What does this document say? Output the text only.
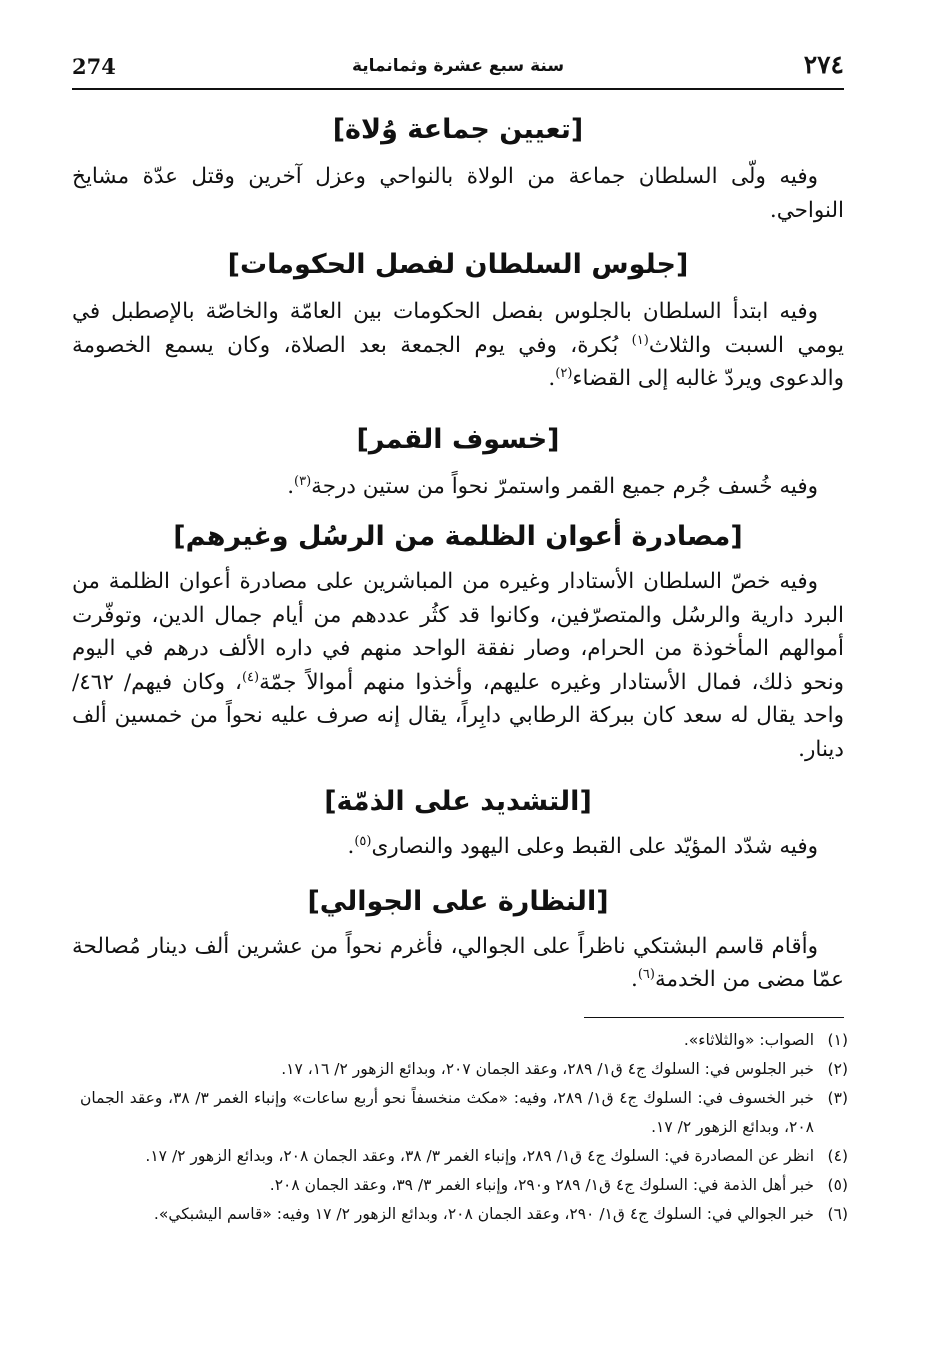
274	سنة سبع عشرة وثمانماية	٢٧٤
[تعيين جماعة وُلاة]

وفيه ولّى السلطان جماعة من الولاة بالنواحي وعزل آخرين وقتل عدّة مشايخ النواحي.

[جلوس السلطان لفصل الحكومات]

وفيه ابتدأ السلطان بالجلوس بفصل الحكومات بين العامّة والخاصّة بالإصطبل في يومي السبت والثلاث$^{(١)}$ بُكرة، وفي يوم الجمعة بعد الصلاة، وكان يسمع الخصومة والدعوى ويردّ غالبه إلى القضاء$^{(٢)}$.

[خسوف القمر]

وفيه خُسف جُرم جميع القمر واستمرّ نحواً من ستين درجة$^{(٣)}$.

[مصادرة أعوان الظلمة من الرسُل وغيرهم]

وفيه خصّ السلطان الأستادار وغيره من المباشرين على مصادرة أعوان الظلمة من البرد دارية والرسُل والمتصرّفين، وكانوا قد كثُر عددهم من أيام جمال الدين، وتوفّرت أموالهم المأخوذة من الحرام، وصار نفقة الواحد منهم في داره الألف درهم في اليوم ونحو ذلك، فمال الأستادار وغيره عليهم، وأخذوا منهم أموالاً جمّة$^{(٤)}$، وكان فيهم/ ٤٦٢/ واحد يقال له سعد كان ببركة الرطابي دابِراً، يقال إنه صرف عليه نحواً من خمسين ألف دينار.

[التشديد على الذمّة]

وفيه شدّد المؤيّد على القبط وعلى اليهود والنصارى$^{(٥)}$.

[النظارة على الجوالي]

وأقام قاسم البشتكي ناظراً على الجوالي، فأغرم نحواً من عشرين ألف دينار مُصالحة عمّا مضى من الخدمة$^{(٦)}$.

(١)
الصواب: «والثلاثاء».
(٢)
خبر الجلوس في: السلوك ج٤ ق١/ ٢٨٩، وعقد الجمان ٢٠٧، وبدائع الزهور ٢/ ١٦، ١٧.
(٣)
خبر الخسوف في: السلوك ج٤ ق١/ ٢٨٩، وفيه: «مكث منخسفاً نحو أربع ساعات» وإنباء الغمر ٣/ ٣٨، وعقد الجمان ٢٠٨، وبدائع الزهور ٢/ ١٧.
(٤)
انظر عن المصادرة في: السلوك ج٤ ق١/ ٢٨٩، وإنباء الغمر ٣/ ٣٨، وعقد الجمان ٢٠٨، وبدائع الزهور ٢/ ١٧.
(٥)
خبر أهل الذمة في: السلوك ج٤ ق١/ ٢٨٩ و٢٩٠، وإنباء الغمر ٣/ ٣٩، وعقد الجمان ٢٠٨.
(٦)
خبر الجوالي في: السلوك ج٤ ق١/ ٢٩٠، وعقد الجمان ٢٠٨، وبدائع الزهور ٢/ ١٧ وفيه: «قاسم اليشبكي».
